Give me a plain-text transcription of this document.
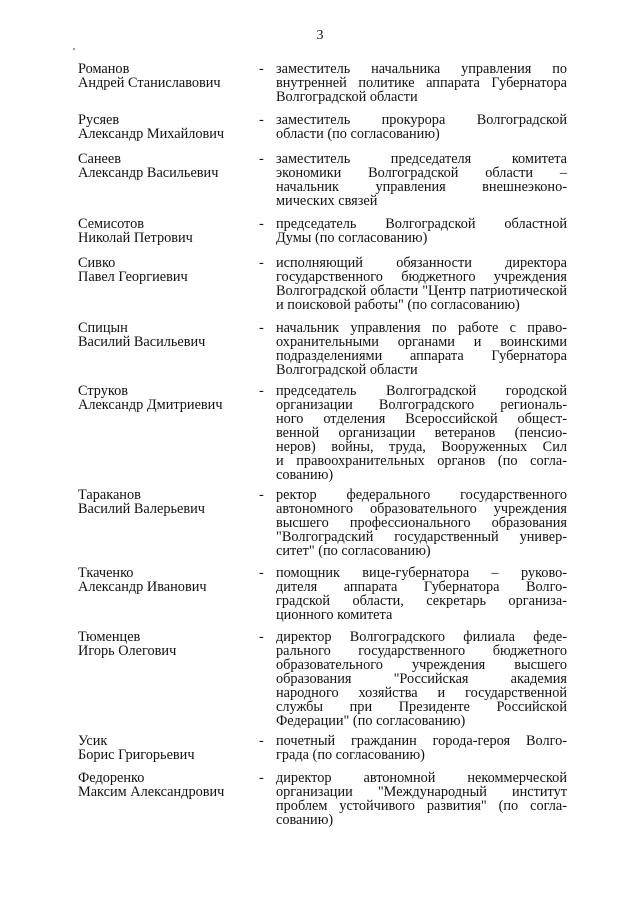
3
Романов
Андрей Станиславович
- заместитель начальника управления по
внутренней политике аппарата Губернатора
Волгоградской области
Русяев
Александр Михайлович
- заместитель прокурора Волгоградской
области (по согласованию)
Санеев
Александр Васильевич
- заместитель председателя комитета
экономики Волгоградской области –
начальник управления внешнеэконо-
мических связей
Семисотов
Николай Петрович
- председатель Волгоградской областной
Думы (по согласованию)
Сивко
Павел Георгиевич
- исполняющий обязанности директора
государственного бюджетного учреждения
Волгоградской области "Центр патриотической
и поисковой работы" (по согласованию)
Спицын
Василий Васильевич
- начальник управления по работе с право-
охранительными органами и воинскими
подразделениями аппарата Губернатора
Волгоградской области
Струков
Александр Дмитриевич
- председатель Волгоградской городской
организации Волгоградского региональ-
ного отделения Всероссийской общест-
венной организации ветеранов (пенсио-
неров) войны, труда, Вооруженных Сил
и правоохранительных органов (по согла-
сованию)
Тараканов
Василий Валерьевич
- ректор федерального государственного
автономного образовательного учреждения
высшего профессионального образования
"Волгоградский государственный универ-
ситет" (по согласованию)
Ткаченко
Александр Иванович
- помощник вице-губернатора – руково-
дителя аппарата Губернатора Волго-
градской области, секретарь организа-
ционного комитета
Тюменцев
Игорь Олегович
- директор Волгоградского филиала феде-
рального государственного бюджетного
образовательного учреждения высшего
образования "Российская академия
народного хозяйства и государственной
службы при Президенте Российской
Федерации" (по согласованию)
Усик
Борис Григорьевич
- почетный гражданин города-героя Волго-
града (по согласованию)
Федоренко
Максим Александрович
- директор автономной некоммерческой
организации "Международный институт
проблем устойчивого развития" (по согла-
сованию)
